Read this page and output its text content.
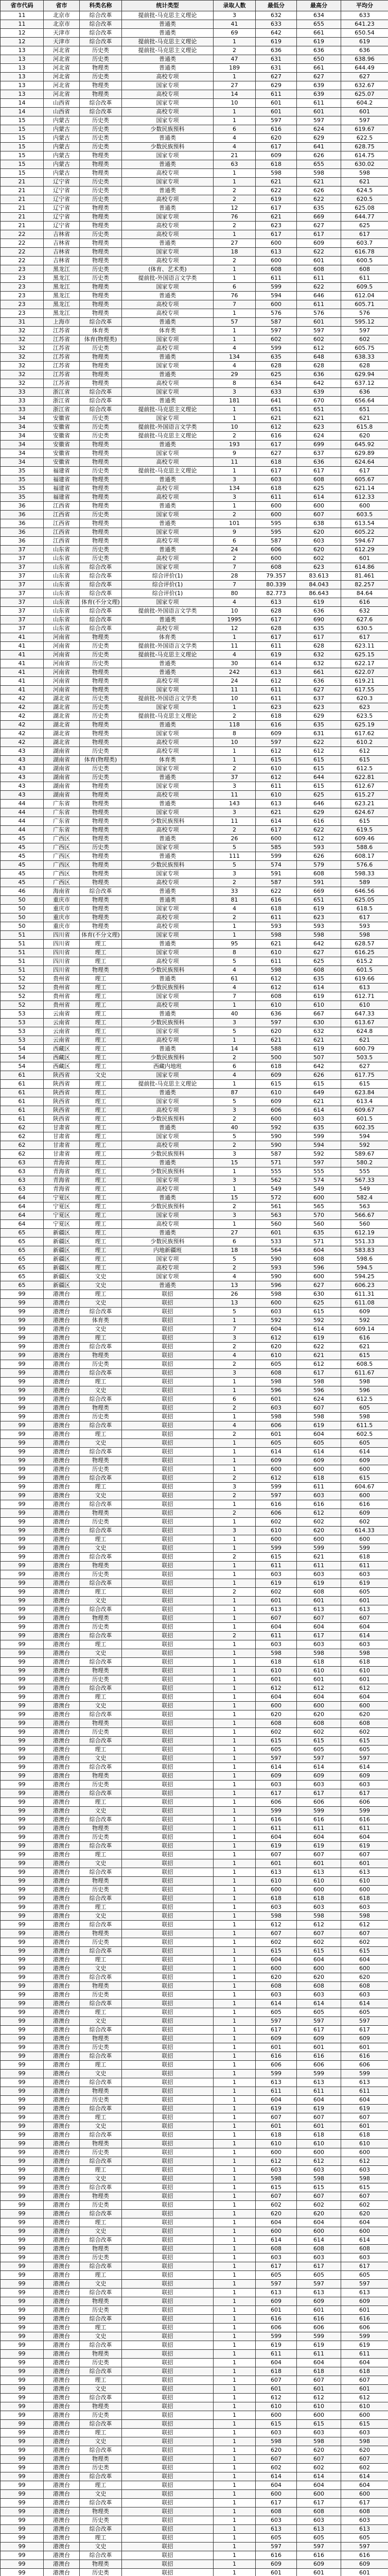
省市代码	省市	科类名称	统计类型	录取人数	最低分	最高分	平均分
11	北京市	综合改革	提前批-马克思主义理论	3	632	634	633
11	北京市	综合改革	普通类	41	633	655	641.23
12	天津市	综合改革	普通类	69	642	661	650.54
12	天津市	综合改革	提前批-马克思主义理论	1	619	619	619
13	河北省	历史类	提前批-马克思主义理论	2	636	636	636
13	河北省	历史类	普通类	47	631	650	638.96
13	河北省	物理类	普通类	189	631	661	644.49
13	河北省	历史类	高校专项	1	627	627	627
13	河北省	物理类	国家专项	27	629	639	632.67
13	河北省	物理类	高校专项	14	611	639	625.07
14	山西省	综合改革	国家专项	10	601	611	604.2
14	山西省	综合改革	高校专项	1	601	601	601
15	内蒙古	历史类	国家专项	1	597	597	597
15	内蒙古	历史类	少数民族预科	6	616	624	619.67
15	内蒙古	历史类	普通类	4	620	629	622.5
15	内蒙古	历史类	少数民族预科	4	617	641	628.75
15	内蒙古	物理类	国家专项	21	609	626	614.75
15	内蒙古	物理类	普通类	63	618	655	630.02
15	内蒙古	物理类	高校专项	1	598	598	598
21	辽宁省	历史类	国家专项	1	621	621	621
21	辽宁省	历史类	普通类	2	622	626	624.5
21	辽宁省	历史类	高校专项	2	619	622	620.5
21	辽宁省	物理类	普通类	12	617	635	625.08
21	辽宁省	物理类	国家专项	76	621	669	644.77
21	辽宁省	物理类	高校专项	2	623	627	625
22	吉林省	历史类	高校专项	1	617	617	617
22	吉林省	物理类	普通类	27	600	609	603.7
22	吉林省	物理类	国家专项	18	613	622	616.78
22	吉林省	物理类	高校专项	2	600	601	600.5
23	黑龙江	历史类	(体育、艺术类)	1	608	608	608
23	黑龙江	历史类	提前批-外国语言文学类	1	611	611	611
23	黑龙江	物理类	国家专项	6	599	622	609.5
23	黑龙江	物理类	普通类	76	594	646	612.04
23	黑龙江	物理类	高校专项	7	600	611	605.71
23	黑龙江	物理类	高校专项	1	576	576	576
31	上海市	综合改革	普通类	57	587	601	595.12
32	江苏省	体育类	体育类	1	597	597	597
32	江苏省	体育(物理类)	国家专项	1	602	602	602
32	江苏省	历史类	高校专项	4	599	612	605.75
32	江苏省	物理类	普通类	134	635	648	638.33
32	江苏省	物理类	国家专项	4	628	628	628
32	江苏省	物理类	普通类	29	625	636	629.94
32	江苏省	物理类	高校专项	8	634	642	637.12
33	浙江省	综合改革	国家专项	3	633	639	636
33	浙江省	综合改革	普通类	181	641	670	656.64
33	浙江省	综合改革	提前批-马克思主义理论	1	651	651	651
34	安徽省	历史类	国家专项	1	621	621	621
34	安徽省	历史类	提前批-外国语言文学类	10	612	623	615.8
34	安徽省	历史类	提前批-马克思主义理论	2	616	624	620
34	安徽省	物理类	普通类	193	617	699	645.92
34	安徽省	物理类	国家专项	9	627	637	629.89
34	安徽省	物理类	高校专项	11	618	636	624.64
35	福建省	历史类	提前批-马克思主义理论	1	617	617	617
35	福建省	物理类	普通类	3	603	608	605.67
35	福建省	物理类	高校专项	134	618	625	621.14
35	福建省	物理类	高校专项	3	611	614	612.33
36	江西省	物理类	普通类	1	600	600	600
36	江西省	历史类	国家专项	2	600	607	603.5
36	江西省	物理类	普通类	101	595	638	613.54
36	江西省	物理类	国家专项	9	595	620	605.22
36	江西省	物理类	高校专项	6	587	603	594.67
37	山东省	历史类	普通类	24	606	620	612.29
37	山东省	历史类	高校专项	2	600	602	601
37	山东省	综合改革	国家专项	7	608	623	614.86
37	山东省	综合改革	综合评价(1)	28	79.357	83.613	81.461
37	山东省	综合改革	综合评价(1)	7	80.339	84.043	82.257
37	山东省	综合改革	综合评价(1)	80	82.773	86.643	84.64
37	山东省	体育(不分文理)	国家专项	4	613	619	616
37	山东省	综合改革	提前批-外国语言文学类	10	628	636	632
37	山东省	综合改革	普通类	1995	617	690	627.6
37	山东省	综合改革	高校专项	12	628	635	630.5
41	河南省	物理类	体育类	1	617	617	617
41	河南省	历史类	提前批-外国语言文学类	11	611	628	623.11
41	河南省	历史类	提前批-马克思主义理论	4	619	632	625.15
41	河南省	历史类	普通类	30	614	632	622.17
41	河南省	物理类	普通类	242	613	661	622.07
41	河南省	物理类	高校专项	24	612	636	619.21
41	河南省	物理类	国家专项	11	611	627	617.55
42	湖北省	历史类	提前批-外国语言文学类	10	611	637	620.3
42	湖北省	历史类	国家专项	1	623	623	623
42	湖北省	历史类	提前批-马克思主义理论	2	618	629	623.5
42	湖北省	物理类	普通类	118	616	635	625.19
42	湖北省	物理类	国家专项	8	609	631	617.62
42	湖北省	物理类	高校专项	10	597	622	610.2
43	湖南省	历史类	高校专项	1	612	612	612
43	湖南省	体育(物理类)	体育类	1	615	615	615
43	湖南省	历史类	国家专项	2	610	615	612.5
43	湖南省	历史类	普通类	37	612	644	622.81
43	湖南省	物理类	国家专项	3	611	615	612.67
43	湖南省	物理类	高校专项	11	610	625	615.27
44	广东省	物理类	普通类	143	613	646	623.21
44	广东省	物理类	国家专项	3	621	629	624.67
44	广东省	物理类	少数民族预科	11	614	616	615
44	广东省	物理类	高校专项	2	617	622	619.5
45	广西区	物理类	普通类	26	600	612	609.46
45	广西区	历史类	国家专项	5	585	593	588.6
45	广西区	物理类	普通类	111	599	626	608.17
45	广西区	物理类	少数民族预科	5	574	579	576.6
45	广西区	物理类	国家专项	3	591	608	598.33
45	广西区	物理类	高校专项	2	587	591	589
46	海南省	综合改革	普通类	33	622	669	646.56
50	重庆市	物理类	普通类	81	616	651	625.05
50	重庆市	物理类	国家专项	4	618	619	618.5
50	重庆市	物理类	高校专项	2	611	623	617
50	重庆市	物理类	高校专项	1	593	593	593
51	四川省	体育(不分文理)	国家专项	1	598	598	598
51	四川省	理工	普通类	95	621	642	628.57
51	四川省	理工	国家专项	8	610	627	616.25
51	四川省	理工	高校专项	5	611	625	615.2
51	四川省	物理类	少数民族预科	4	598	608	601.5
52	贵州省	理工	普通类	61	612	635	619.66
52	贵州省	理工	少数民族预科	4	612	614	613
52	贵州省	理工	国家专项	7	608	619	612.71
52	贵州省	理工	高校专项	1	610	610	610
53	云南省	理工	普通类	40	636	667	647.33
53	云南省	理工	少数民族预科	3	597	630	613.67
53	云南省	理工	国家专项	5	620	632	624.8
53	云南省	理工	高校专项	1	621	621	621
54	西藏区	理工	普通类	14	588	619	600.79
54	西藏区	理工	少数民族预科	2	500	507	503.5
54	西藏区	理工	西藏内地班	6	618	642	627
61	陕西省	文史	国家专项	4	609	626	617.75
61	陕西省	理工	提前批-马克思主义理论	1	615	615	615
61	陕西省	理工	普通类	87	610	649	623.84
61	陕西省	理工	国家专项	5	609	621	613.4
61	陕西省	理工	高校专项	3	606	614	609.67
61	陕西省	理工	少数民族预科	2	600	603	601.5
62	甘肃省	理工	普通类	40	592	635	602.35
62	甘肃省	理工	国家专项	5	590	599	594
62	甘肃省	理工	高校专项	2	590	594	592
62	甘肃省	理工	少数民族预科	3	587	592	589.67
63	青海省	理工	普通类	15	571	597	580.2
63	青海省	理工	少数民族预科	1	555	555	555
63	青海省	理工	国家专项	3	562	574	567.33
63	青海省	理工	高校专项	1	549	549	549
64	宁夏区	理工	普通类	15	572	600	582.4
64	宁夏区	理工	少数民族预科	2	561	565	563
64	宁夏区	理工	国家专项	3	563	570	566.67
64	宁夏区	理工	高校专项	1	560	560	560
65	新疆区	理工	普通类	27	601	635	612.19
65	新疆区	理工	少数民族预科	6	533	571	551.33
65	新疆区	理工	内地新疆班	18	564	604	583.83
65	新疆区	理工	国家专项	5	590	608	598.6
65	新疆区	理工	高校专项	2	593	596	594.5
65	新疆区	文史	国家专项	4	590	600	594.25
65	新疆区	文史	普通类	13	596	627	606.23
99	港澳台	理工	联招	26	598	630	611.31
99	港澳台	文史	联招	13	600	625	611.08
99	港澳台	综合改革	联招	5	603	615	609
99	港澳台	体育类	联招	1	592	592	592
99	港澳台	文史	联招	7	604	614	609.14
99	港澳台	理工	联招	3	612	619	616
99	港澳台	综合改革	联招	2	620	622	621
99	港澳台	物理类	联招	4	610	621	615
99	港澳台	历史类	联招	2	605	612	608.5
99	港澳台	综合改革	联招	3	608	617	611.67
99	港澳台	理工	联招	1	598	598	598
99	港澳台	文史	联招	1	596	596	596
99	港澳台	综合改革	联招	6	601	624	612.5
99	港澳台	物理类	联招	2	603	607	605
99	港澳台	历史类	联招	1	598	598	598
99	港澳台	综合改革	联招	4	606	619	611.5
99	港澳台	理工	联招	2	601	604	602.5
99	港澳台	文史	联招	1	605	605	605
99	港澳台	综合改革	联招	1	614	614	614
99	港澳台	物理类	联招	1	609	609	609
99	港澳台	历史类	联招	1	600	600	600
99	港澳台	综合改革	联招	2	612	618	615
99	港澳台	理工	联招	3	599	611	604.67
99	港澳台	文史	联招	2	597	603	600
99	港澳台	综合改革	联招	1	616	616	616
99	港澳台	物理类	联招	2	606	612	609
99	港澳台	历史类	联招	1	602	602	602
99	港澳台	综合改革	联招	3	610	620	614.33
99	港澳台	理工	联招	1	600	600	600
99	港澳台	文史	联招	1	599	599	599
99	港澳台	综合改革	联招	2	615	621	618
99	港澳台	物理类	联招	1	611	611	611
99	港澳台	历史类	联招	1	603	603	603
99	港澳台	综合改革	联招	1	619	619	619
99	港澳台	理工	联招	2	602	608	605
99	港澳台	文史	联招	1	601	601	601
99	港澳台	综合改革	联招	1	613	613	613
99	港澳台	物理类	联招	1	607	607	607
99	港澳台	历史类	联招	1	604	604	604
99	港澳台	综合改革	联招	2	611	617	614
99	港澳台	理工	联招	1	603	603	603
99	港澳台	文史	联招	1	598	598	598
99	港澳台	综合改革	联招	1	618	618	618
99	港澳台	物理类	联招	1	610	610	610
99	港澳台	历史类	联招	1	601	601	601
99	港澳台	综合改革	联招	1	612	612	612
99	港澳台	理工	联招	1	604	604	604
99	港澳台	文史	联招	1	600	600	600
99	港澳台	综合改革	联招	1	620	620	620
99	港澳台	物理类	联招	1	608	608	608
99	港澳台	历史类	联招	1	602	602	602
99	港澳台	综合改革	联招	1	615	615	615
99	港澳台	理工	联招	1	605	605	605
99	港澳台	文史	联招	1	597	597	597
99	港澳台	综合改革	联招	1	614	614	614
99	港澳台	物理类	联招	1	609	609	609
99	港澳台	历史类	联招	1	603	603	603
99	港澳台	综合改革	联招	1	617	617	617
99	港澳台	理工	联招	1	606	606	606
99	港澳台	文史	联招	1	599	599	599
99	港澳台	综合改革	联招	1	616	616	616
99	港澳台	物理类	联招	1	611	611	611
99	港澳台	历史类	联招	1	604	604	604
99	港澳台	综合改革	联招	1	619	619	619
99	港澳台	理工	联招	1	607	607	607
99	港澳台	文史	联招	1	601	601	601
99	港澳台	综合改革	联招	1	613	613	613
99	港澳台	物理类	联招	1	610	610	610
99	港澳台	历史类	联招	1	600	600	600
99	港澳台	综合改革	联招	1	618	618	618
99	港澳台	理工	联招	1	603	603	603
99	港澳台	文史	联招	1	598	598	598
99	港澳台	综合改革	联招	1	612	612	612
99	港澳台	物理类	联招	1	607	607	607
99	港澳台	历史类	联招	1	602	602	602
99	港澳台	综合改革	联招	1	615	615	615
99	港澳台	理工	联招	1	604	604	604
99	港澳台	文史	联招	1	600	600	600
99	港澳台	综合改革	联招	1	620	620	620
99	港澳台	物理类	联招	1	608	608	608
99	港澳台	历史类	联招	1	603	603	603
99	港澳台	综合改革	联招	1	614	614	614
99	港澳台	理工	联招	1	605	605	605
99	港澳台	文史	联招	1	597	597	597
99	港澳台	综合改革	联招	1	617	617	617
99	港澳台	物理类	联招	1	609	609	609
99	港澳台	历史类	联招	1	601	601	601
99	港澳台	综合改革	联招	1	616	616	616
99	港澳台	理工	联招	1	606	606	606
99	港澳台	文史	联招	1	599	599	599
99	港澳台	综合改革	联招	1	613	613	613
99	港澳台	物理类	联招	1	611	611	611
99	港澳台	历史类	联招	1	604	604	604
99	港澳台	综合改革	联招	1	619	619	619
99	港澳台	理工	联招	1	607	607	607
99	港澳台	文史	联招	1	601	601	601
99	港澳台	综合改革	联招	1	618	618	618
99	港澳台	物理类	联招	1	610	610	610
99	港澳台	历史类	联招	1	600	600	600
99	港澳台	综合改革	联招	1	612	612	612
99	港澳台	理工	联招	1	603	603	603
99	港澳台	文史	联招	1	598	598	598
99	港澳台	综合改革	联招	1	615	615	615
99	港澳台	物理类	联招	1	607	607	607
99	港澳台	历史类	联招	1	602	602	602
99	港澳台	综合改革	联招	1	620	620	620
99	港澳台	理工	联招	1	604	604	604
99	港澳台	文史	联招	1	600	600	600
99	港澳台	综合改革	联招	1	614	614	614
99	港澳台	物理类	联招	1	608	608	608
99	港澳台	历史类	联招	1	603	603	603
99	港澳台	综合改革	联招	1	617	617	617
99	港澳台	理工	联招	1	605	605	605
99	港澳台	文史	联招	1	597	597	597
99	港澳台	综合改革	联招	1	613	613	613
99	港澳台	物理类	联招	1	609	609	609
99	港澳台	历史类	联招	1	601	601	601
99	港澳台	综合改革	联招	1	616	616	616
99	港澳台	理工	联招	1	606	606	606
99	港澳台	文史	联招	1	599	599	599
99	港澳台	综合改革	联招	1	619	619	619
99	港澳台	物理类	联招	1	611	611	611
99	港澳台	历史类	联招	1	604	604	604
99	港澳台	综合改革	联招	1	618	618	618
99	港澳台	理工	联招	1	607	607	607
99	港澳台	文史	联招	1	601	601	601
99	港澳台	综合改革	联招	1	612	612	612
99	港澳台	物理类	联招	1	610	610	610
99	港澳台	历史类	联招	1	600	600	600
99	港澳台	综合改革	联招	1	615	615	615
99	港澳台	理工	联招	1	603	603	603
99	港澳台	文史	联招	1	598	598	598
99	港澳台	综合改革	联招	1	620	620	620
99	港澳台	物理类	联招	1	607	607	607
99	港澳台	历史类	联招	1	602	602	602
99	港澳台	综合改革	联招	1	614	614	614
99	港澳台	理工	联招	1	604	604	604
99	港澳台	文史	联招	1	600	600	600
99	港澳台	综合改革	联招	1	617	617	617
99	港澳台	物理类	联招	1	608	608	608
99	港澳台	历史类	联招	1	603	603	603
99	港澳台	综合改革	联招	1	613	613	613
99	港澳台	理工	联招	1	605	605	605
99	港澳台	文史	联招	1	597	597	597
99	港澳台	综合改革	联招	1	616	616	616
99	港澳台	物理类	联招	1	609	609	609
99	港澳台	历史类	联招	1	601	601	601
